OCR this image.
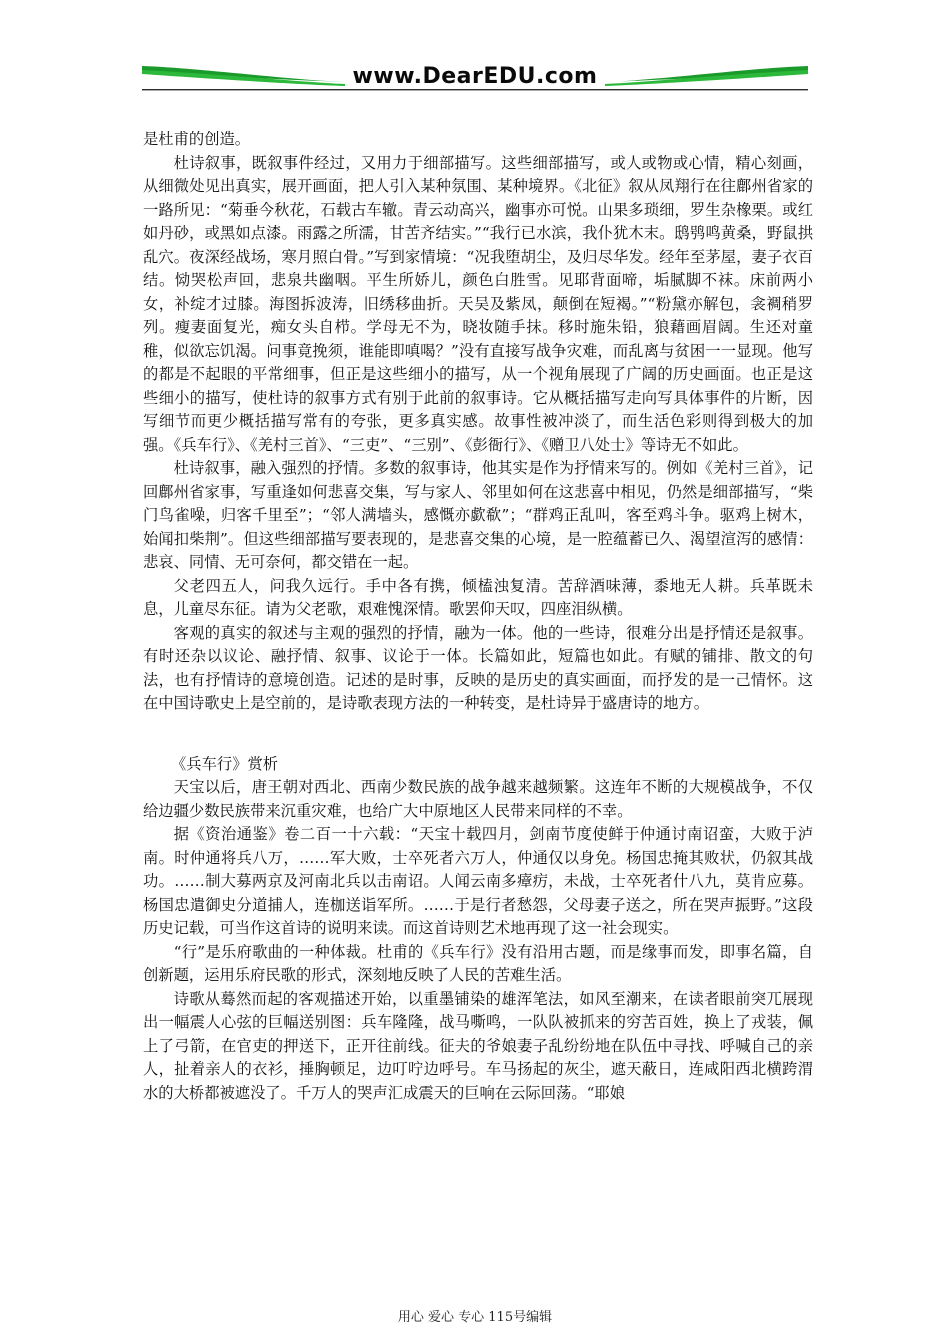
www.DearEDU.com

是杜甫的创造。

杜诗叙事，既叙事件经过，又用力于细部描写。这些细部描写，或人或物或心情，精心刻画，从细微处见出真实，展开画面，把人引入某种氛围、某种境界。《北征》叙从凤翔行在往鄜州省家的一路所见：“菊垂今秋花，石载古车辙。青云动高兴，幽事亦可悦。山果多琐细，罗生杂橡栗。或红如丹砂，或黑如点漆。雨露之所濡，甘苦齐结实。”“我行已水滨，我仆犹木末。鸱鸮鸣黄桑，野鼠拱乱穴。夜深经战场，寒月照白骨。”写到家情境：“况我堕胡尘，及归尽华发。经年至茅屋，妻子衣百结。恸哭松声回，悲泉共幽咽。平生所娇儿，颜色白胜雪。见耶背面啼，垢腻脚不袜。床前两小女，补绽才过膝。海图拆波涛，旧绣移曲折。天吴及紫凤，颠倒在短褐。”“粉黛亦解包，衾裯稍罗列。瘦妻面复光，痴女头自栉。学母无不为，晓妆随手抹。移时施朱铅，狼藉画眉阔。生还对童稚，似欲忘饥渴。问事竟挽须，谁能即嗔喝？”没有直接写战争灾难，而乱离与贫困一一显现。他写的都是不起眼的平常细事，但正是这些细小的描写，从一个视角展现了广阔的历史画面。也正是这些细小的描写，使杜诗的叙事方式有别于此前的叙事诗。它从概括描写走向写具体事件的片断，因写细节而更少概括描写常有的夸张，更多真实感。故事性被冲淡了，而生活色彩则得到极大的加强。《兵车行》、《羌村三首》、“三吏”、“三别”、《彭衙行》、《赠卫八处士》等诗无不如此。

杜诗叙事，融入强烈的抒情。多数的叙事诗，他其实是作为抒情来写的。例如《羌村三首》，记回鄜州省家事，写重逢如何悲喜交集，写与家人、邻里如何在这悲喜中相见，仍然是细部描写，“柴门鸟雀噪，归客千里至”；“邻人满墙头，感慨亦歔欷”；“群鸡正乱叫，客至鸡斗争。驱鸡上树木，始闻扣柴荆”。但这些细部描写要表现的，是悲喜交集的心境，是一腔蕴蓄已久、渴望渲泻的感情：悲哀、同情、无可奈何，都交错在一起。

父老四五人，问我久远行。手中各有携，倾榼浊复清。苦辞酒味薄，黍地无人耕。兵革既未息，儿童尽东征。请为父老歌，艰难愧深情。歌罢仰天叹，四座泪纵横。

客观的真实的叙述与主观的强烈的抒情，融为一体。他的一些诗，很难分出是抒情还是叙事。有时还杂以议论、融抒情、叙事、议论于一体。长篇如此，短篇也如此。有赋的铺排、散文的句法，也有抒情诗的意境创造。记述的是时事，反映的是历史的真实画面，而抒发的是一己情怀。这在中国诗歌史上是空前的，是诗歌表现方法的一种转变，是杜诗异于盛唐诗的地方。

《兵车行》赏析

天宝以后，唐王朝对西北、西南少数民族的战争越来越频繁。这连年不断的大规模战争，不仅给边疆少数民族带来沉重灾难，也给广大中原地区人民带来同样的不幸。

据《资治通鉴》卷二百一十六载：“天宝十载四月，剑南节度使鲜于仲通讨南诏蛮，大败于泸南。时仲通将兵八万，……军大败，士卒死者六万人，仲通仅以身免。杨国忠掩其败状，仍叙其战功。……制大募两京及河南北兵以击南诏。人闻云南多瘴疠，未战，士卒死者什八九，莫肯应募。杨国忠遣御史分道捕人，连枷送诣军所。……于是行者愁怨，父母妻子送之，所在哭声振野。”这段历史记载，可当作这首诗的说明来读。而这首诗则艺术地再现了这一社会现实。

“行”是乐府歌曲的一种体裁。杜甫的《兵车行》没有沿用古题，而是缘事而发，即事名篇，自创新题，运用乐府民歌的形式，深刻地反映了人民的苦难生活。

诗歌从蓦然而起的客观描述开始，以重墨铺染的雄浑笔法，如风至潮来，在读者眼前突兀展现出一幅震人心弦的巨幅送别图：兵车隆隆，战马嘶鸣，一队队被抓来的穷苦百姓，换上了戎装，佩上了弓箭，在官吏的押送下，正开往前线。征夫的爷娘妻子乱纷纷地在队伍中寻找、呼喊自己的亲人，扯着亲人的衣衫，捶胸顿足，边叮咛边呼号。车马扬起的灰尘，遮天蔽日，连咸阳西北横跨渭水的大桥都被遮没了。千万人的哭声汇成震天的巨响在云际回荡。“耶娘

用心 爱心 专心 115号编辑
